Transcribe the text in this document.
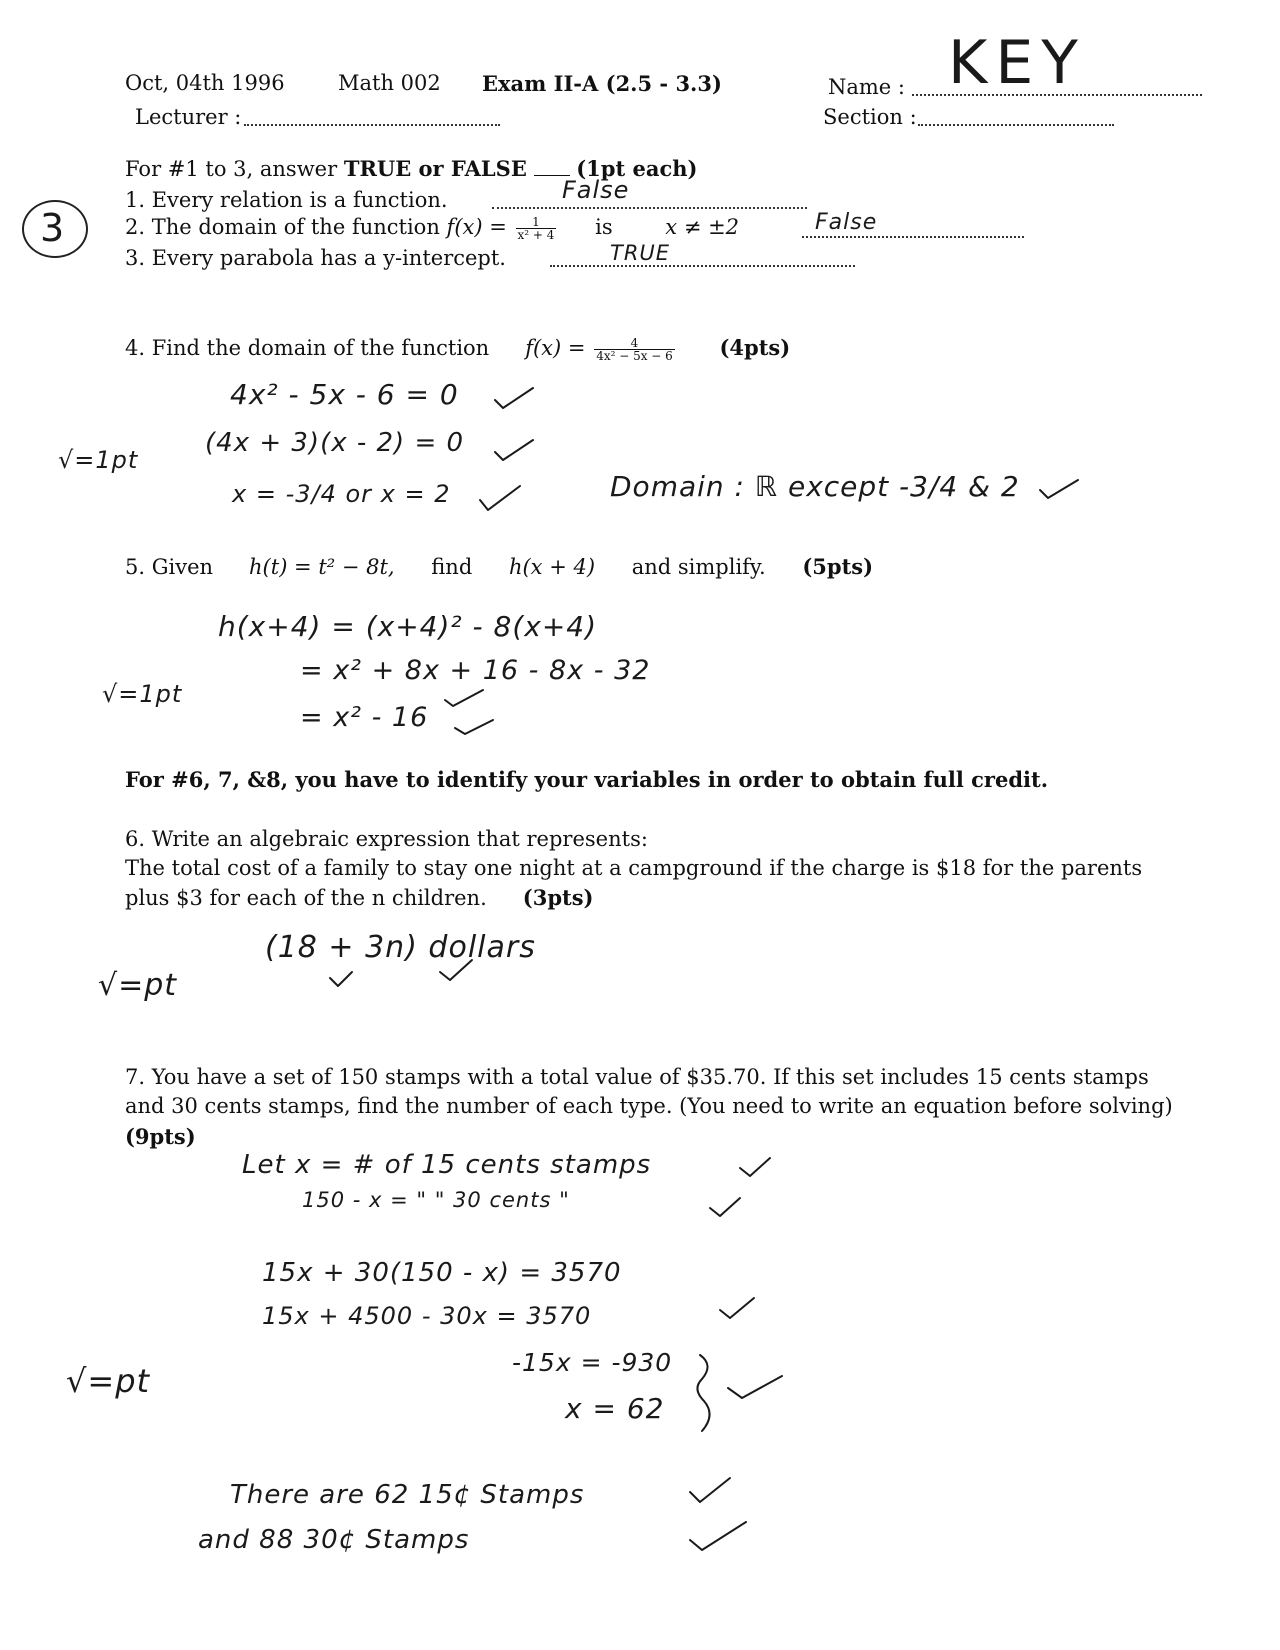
Oct, 04th 1996	Math 002 Exam II-A (2.5 - 3.3)	Name : KEY
Lecturer :	Section :
3
For #1 to 3, answer TRUE or FALSE (1pt each)
1. Every relation is a function.	False
2. The domain of the function $f(x) = \frac{1}{\text{x² + 4}}$ is	x ≠ ±2	False
3. Every parabola has a y-intercept.	TRUE
4. Find the domain of the function $f(x) = \frac{4}{\text{4x² − 5x − 6}} (4pts)$
√=1pt
4x² - 5x - 6 = 0
(4x + 3)(x - 2) = 0
x = -3/4 or x = 2	Domain : ℝ except -3/4 & 2
5. Given h(t) = t² − 8t, find h(x + 4) and simplify. (5pts)
√=1pt
h(x+4) = (x+4)² - 8(x+4)
= x² + 8x + 16 - 8x - 32
= x² - 16
For #6, 7, &8, you have to identify your variables in order to obtain full credit.
6. Write an algebraic expression that represents:
The total cost of a family to stay one night at a campground if the charge is $18 for the parents
plus $3 for each of the n children. (3pts)
√=pt
(18 + 3n) dollars
7. You have a set of 150 stamps with a total value of $35.70. If this set includes 15 cents stamps
and 30 cents stamps, find the number of each type. (You need to write an equation before solving)
(9pts)
√=pt
Let x = # of 15 cents stamps
150 - x = " " 30 cents "
15x + 30(150 - x) = 3570
15x + 4500 - 30x = 3570
-15x = -930
x = 62
There are 62 15¢ Stamps
and 88 30¢ Stamps
